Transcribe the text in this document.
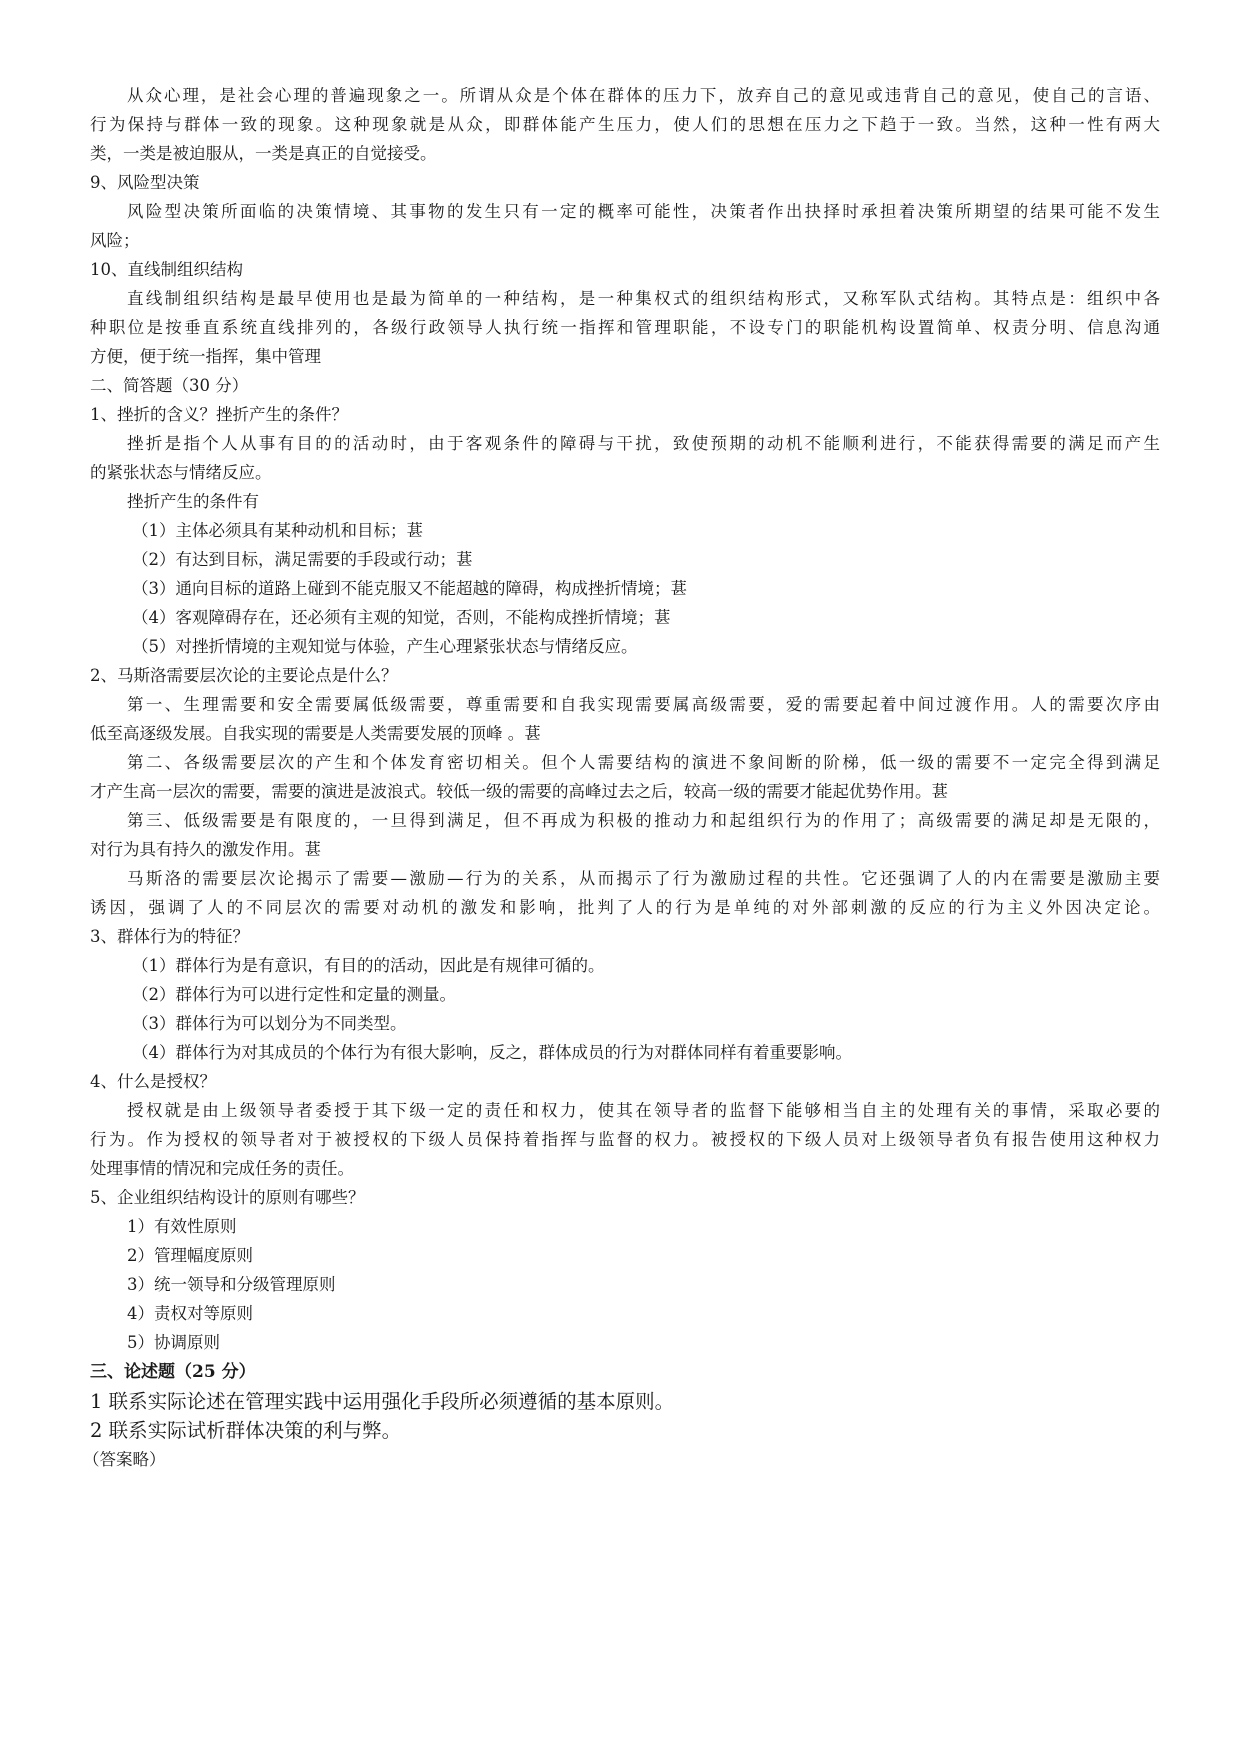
从众心理，是社会心理的普遍现象之一。所谓从众是个体在群体的压力下，放弃自己的意见或违背自己的意见，使自己的言语、
行为保持与群体一致的现象。这种现象就是从众，即群体能产生压力，使人们的思想在压力之下趋于一致。当然，这种一性有两大
类，一类是被迫服从，一类是真正的自觉接受。
9、风险型决策
风险型决策所面临的决策情境、其事物的发生只有一定的概率可能性，决策者作出抉择时承担着决策所期望的结果可能不发生
风险；
10、直线制组织结构
直线制组织结构是最早使用也是最为简单的一种结构，是一种集权式的组织结构形式，又称军队式结构。其特点是：组织中各
种职位是按垂直系统直线排列的，各级行政领导人执行统一指挥和管理职能，不设专门的职能机构设置简单、权责分明、信息沟通
方便，便于统一指挥，集中管理
二、简答题（30 分）
1、挫折的含义？挫折产生的条件？
挫折是指个人从事有目的的活动时，由于客观条件的障碍与干扰，致使预期的动机不能顺利进行，不能获得需要的满足而产生
的紧张状态与情绪反应。
挫折产生的条件有
（1）主体必须具有某种动机和目标；葚
（2）有达到目标，满足需要的手段或行动；葚
（3）通向目标的道路上碰到不能克服又不能超越的障碍，构成挫折情境；葚
（4）客观障碍存在，还必须有主观的知觉，否则，不能构成挫折情境；葚
（5）对挫折情境的主观知觉与体验，产生心理紧张状态与情绪反应。
2、马斯洛需要层次论的主要论点是什么？
第一、生理需要和安全需要属低级需要，尊重需要和自我实现需要属高级需要，爱的需要起着中间过渡作用。人的需要次序由
低至高逐级发展。自我实现的需要是人类需要发展的顶峰 。葚
第二、各级需要层次的产生和个体发育密切相关。但个人需要结构的演进不象间断的阶梯，低一级的需要不一定完全得到满足
才产生高一层次的需要，需要的演进是波浪式。较低一级的需要的高峰过去之后，较高一级的需要才能起优势作用。葚
第三、低级需要是有限度的，一旦得到满足，但不再成为积极的推动力和起组织行为的作用了；高级需要的满足却是无限的，
对行为具有持久的激发作用。葚
马斯洛的需要层次论揭示了需要—激励—行为的关系，从而揭示了行为激励过程的共性。它还强调了人的内在需要是激励主要
诱因，强调了人的不同层次的需要对动机的激发和影响，批判了人的行为是单纯的对外部刺激的反应的行为主义外因决定论。
3、群体行为的特征？
（1）群体行为是有意识，有目的的活动，因此是有规律可循的。
（2）群体行为可以进行定性和定量的测量。
（3）群体行为可以划分为不同类型。
（4）群体行为对其成员的个体行为有很大影响，反之，群体成员的行为对群体同样有着重要影响。
4、什么是授权？
授权就是由上级领导者委授于其下级一定的责任和权力，使其在领导者的监督下能够相当自主的处理有关的事情，采取必要的
行为。作为授权的领导者对于被授权的下级人员保持着指挥与监督的权力。被授权的下级人员对上级领导者负有报告使用这种权力
处理事情的情况和完成任务的责任。
5、企业组织结构设计的原则有哪些？
1）有效性原则
2）管理幅度原则
3）统一领导和分级管理原则
4）责权对等原则
5）协调原则
三、论述题（25 分）
1 联系实际论述在管理实践中运用强化手段所必须遵循的基本原则。
2 联系实际试析群体决策的利与弊。
（答案略）
